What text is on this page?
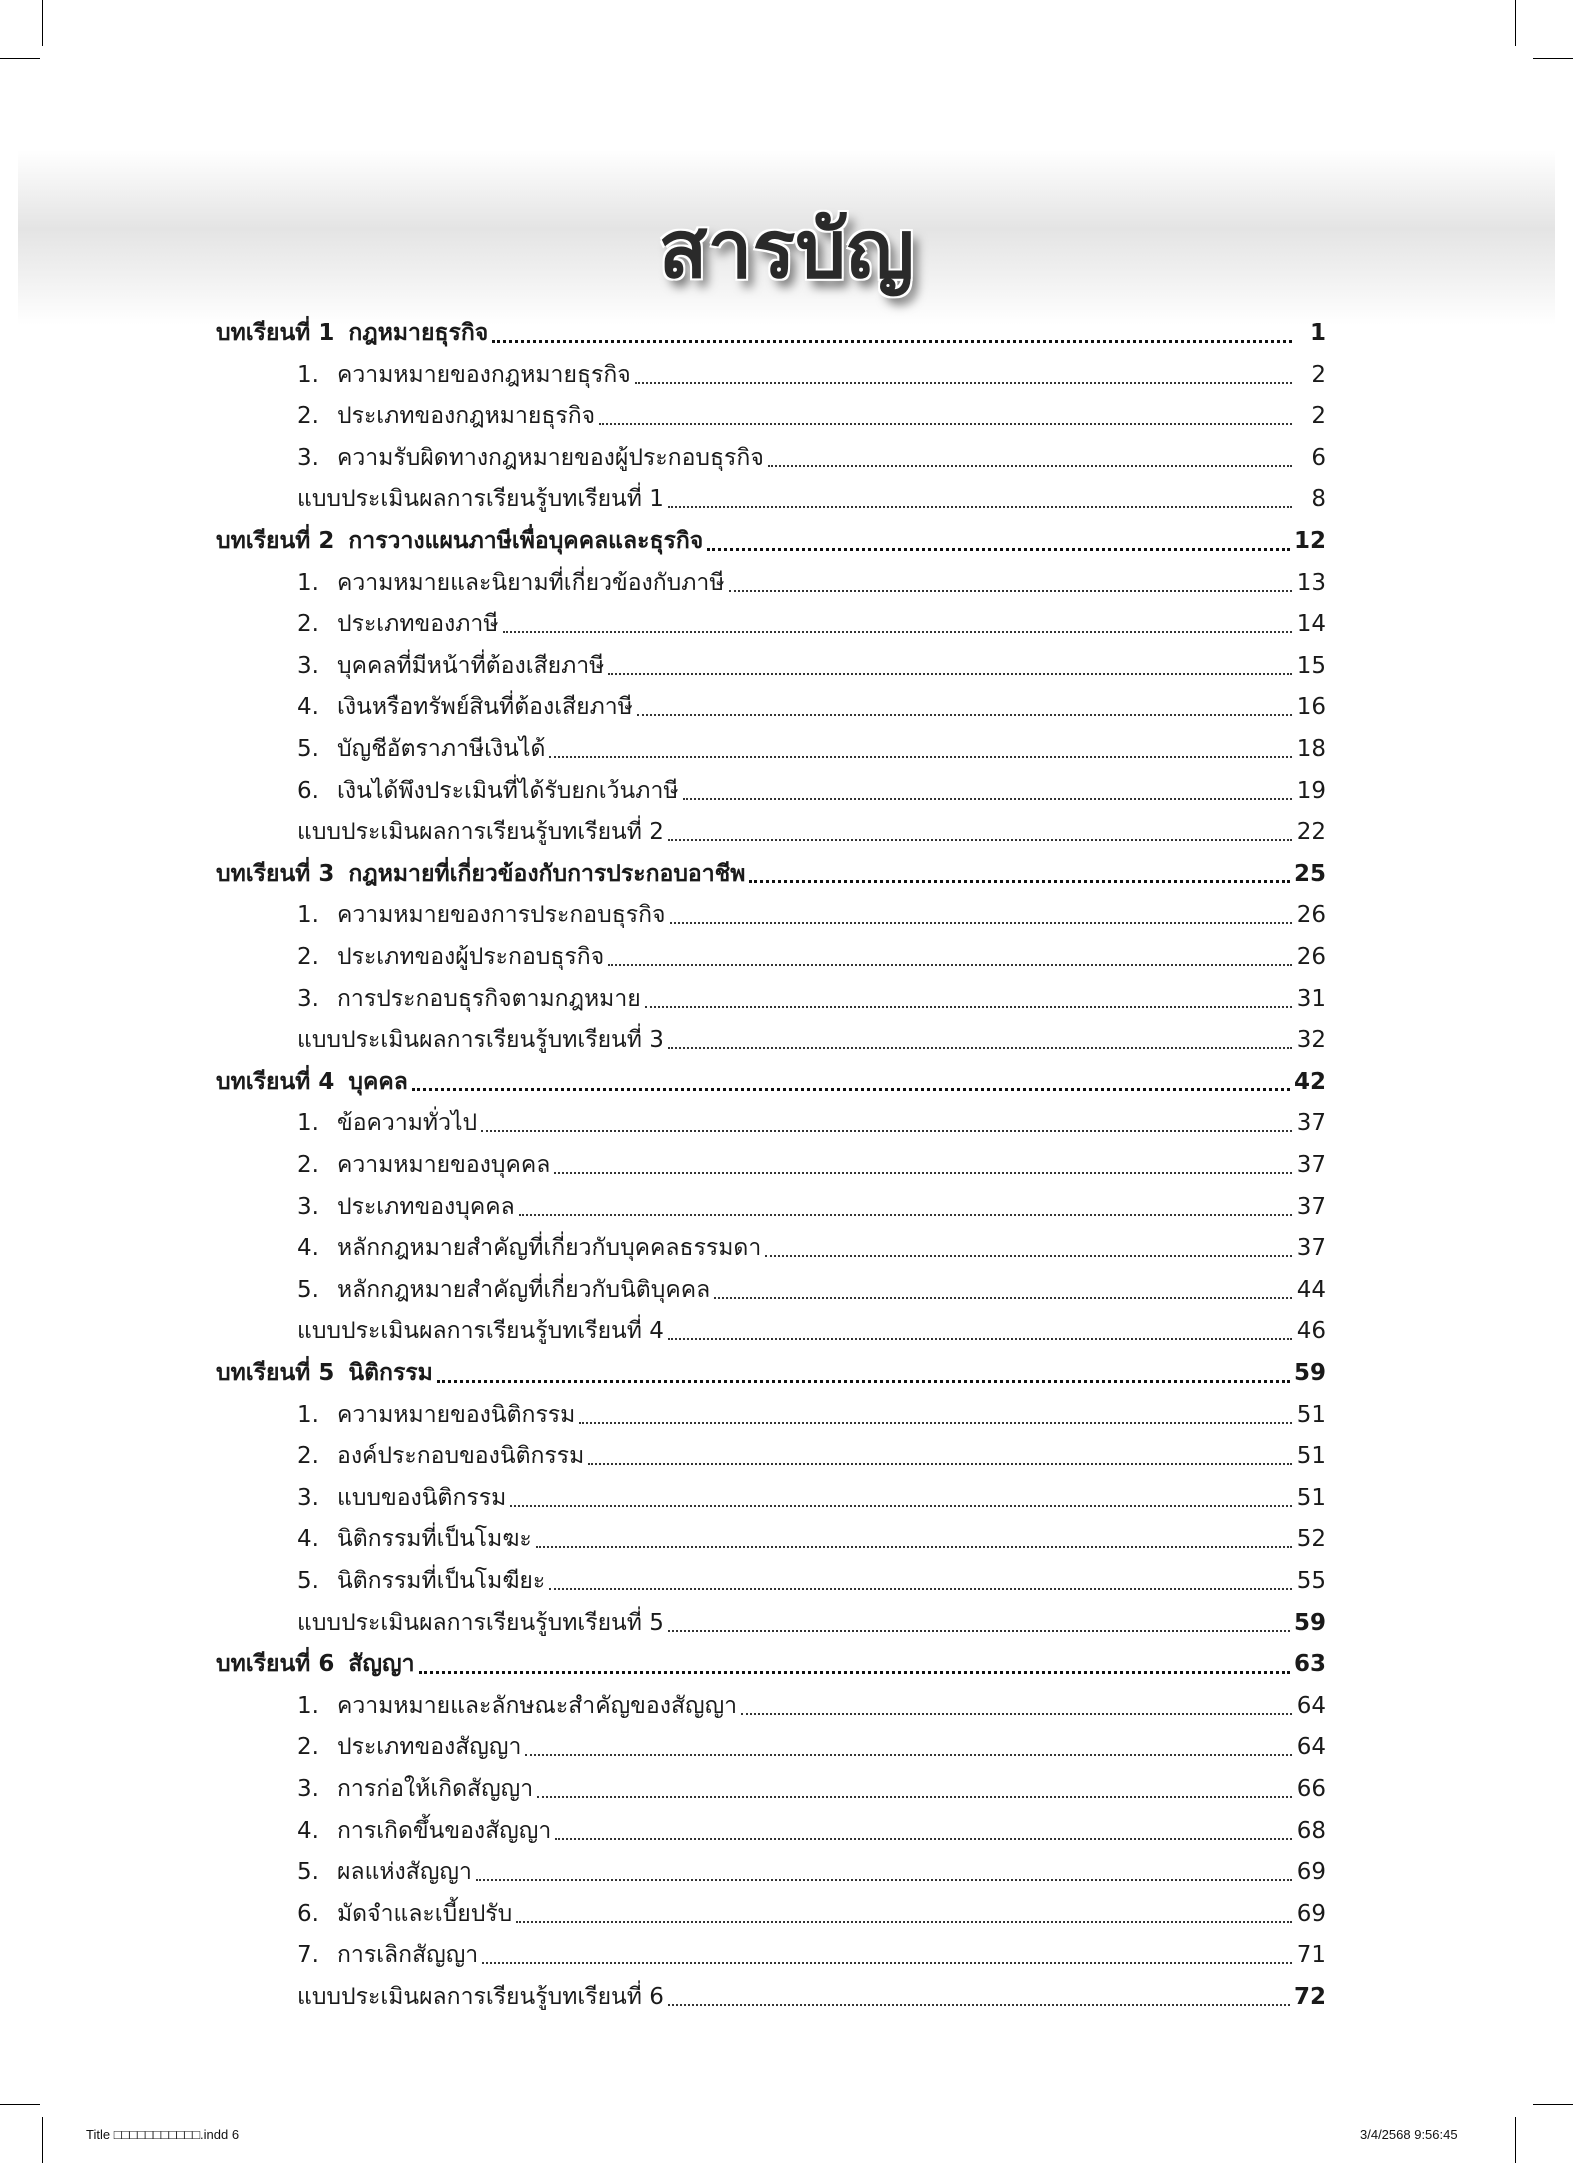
สารบัญ
บทเรียนที่ 1 กฎหมายธุรกิจ	1
1. ความหมายของกฎหมายธุรกิจ	2
2. ประเภทของกฎหมายธุรกิจ	2
3. ความรับผิดทางกฎหมายของผู้ประกอบธุรกิจ	6
แบบประเมินผลการเรียนรู้บทเรียนที่ 1	8
บทเรียนที่ 2 การวางแผนภาษีเพื่อบุคคลและธุรกิจ	12
1. ความหมายและนิยามที่เกี่ยวข้องกับภาษี	13
2. ประเภทของภาษี	14
3. บุคคลที่มีหน้าที่ต้องเสียภาษี	15
4. เงินหรือทรัพย์สินที่ต้องเสียภาษี	16
5. บัญชีอัตราภาษีเงินได้	18
6. เงินได้พึงประเมินที่ได้รับยกเว้นภาษี	19
แบบประเมินผลการเรียนรู้บทเรียนที่ 2	22
บทเรียนที่ 3 กฎหมายที่เกี่ยวข้องกับการประกอบอาชีพ	25
1. ความหมายของการประกอบธุรกิจ	26
2. ประเภทของผู้ประกอบธุรกิจ	26
3. การประกอบธุรกิจตามกฎหมาย	31
แบบประเมินผลการเรียนรู้บทเรียนที่ 3	32
บทเรียนที่ 4 บุคคล	42
1. ข้อความทั่วไป	37
2. ความหมายของบุคคล	37
3. ประเภทของบุคคล	37
4. หลักกฎหมายสำคัญที่เกี่ยวกับบุคคลธรรมดา	37
5. หลักกฎหมายสำคัญที่เกี่ยวกับนิติบุคคล	44
แบบประเมินผลการเรียนรู้บทเรียนที่ 4	46
บทเรียนที่ 5 นิติกรรม	59
1. ความหมายของนิติกรรม	51
2. องค์ประกอบของนิติกรรม	51
3. แบบของนิติกรรม	51
4. นิติกรรมที่เป็นโมฆะ	52
5. นิติกรรมที่เป็นโมฆียะ	55
แบบประเมินผลการเรียนรู้บทเรียนที่ 5	59
บทเรียนที่ 6 สัญญา	63
1. ความหมายและลักษณะสำคัญของสัญญา	64
2. ประเภทของสัญญา	64
3. การก่อให้เกิดสัญญา	66
4. การเกิดขึ้นของสัญญา	68
5. ผลแห่งสัญญา	69
6. มัดจำและเบี้ยปรับ	69
7. การเลิกสัญญา	71
แบบประเมินผลการเรียนรู้บทเรียนที่ 6	72
Title □□□□□□□□□□□.indd 6	3/4/2568 9:56:45
